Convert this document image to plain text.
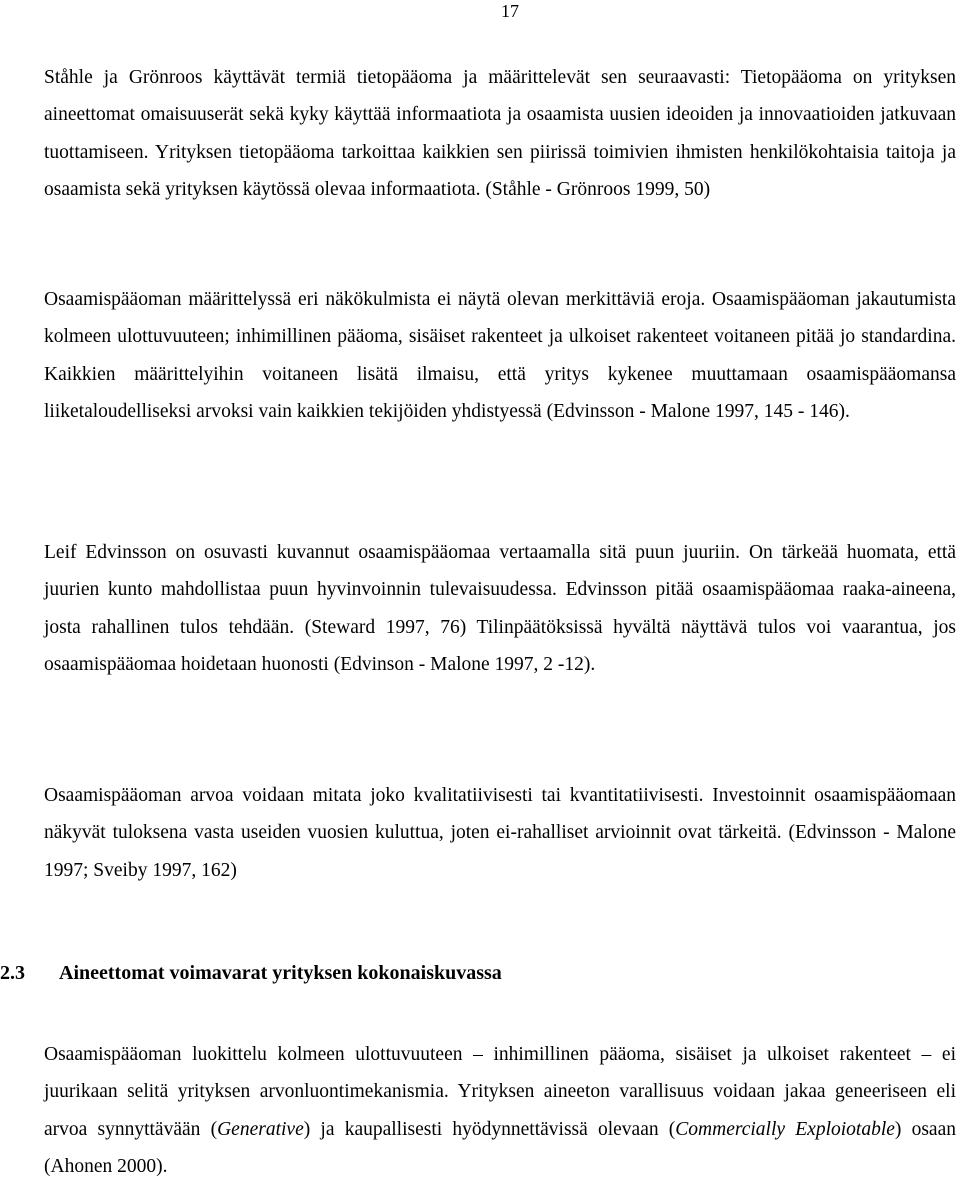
17

Ståhle ja Grönroos käyttävät termiä tietopääoma ja määrittelevät sen seuraavasti: Tietopääoma on yrityksen aineettomat omaisuuserät sekä kyky käyttää informaatiota ja osaamista uusien ideoiden ja innovaatioiden jatkuvaan tuottamiseen. Yrityksen tietopääoma tarkoittaa kaikkien sen piirissä toimivien ihmisten henkilökohtaisia taitoja ja osaamista sekä yrityksen käytössä olevaa informaatiota. (Ståhle - Grönroos 1999, 50)

Osaamispääoman määrittelyssä eri näkökulmista ei näytä olevan merkittäviä eroja. Osaamispääoman jakautumista kolmeen ulottuvuuteen; inhimillinen pääoma, sisäiset rakenteet ja ulkoiset rakenteet voitaneen pitää jo standardina. Kaikkien määrittelyihin voitaneen lisätä ilmaisu, että yritys kykenee muuttamaan osaamispääomansa liiketaloudelliseksi arvoksi vain kaikkien tekijöiden yhdistyessä (Edvinsson - Malone 1997, 145 - 146).

Leif Edvinsson on osuvasti kuvannut osaamispääomaa vertaamalla sitä puun juuriin. On tärkeää huomata, että juurien kunto mahdollistaa puun hyvinvoinnin tulevaisuudessa. Edvinsson pitää osaamispääomaa raaka-aineena, josta rahallinen tulos tehdään. (Steward 1997, 76) Tilinpäätöksissä hyvältä näyttävä tulos voi vaarantua, jos osaamispääomaa hoidetaan huonosti (Edvinson - Malone 1997, 2 -12).

Osaamispääoman arvoa voidaan mitata joko kvalitatiivisesti tai kvantitatiivisesti. Investoinnit osaamispääomaan näkyvät tuloksena vasta useiden vuosien kuluttua, joten ei-rahalliset arvioinnit ovat tärkeitä. (Edvinsson - Malone 1997; Sveiby 1997, 162)

2.3 Aineettomat voimavarat yrityksen kokonaiskuvassa

Osaamispääoman luokittelu kolmeen ulottuvuuteen – inhimillinen pääoma, sisäiset ja ulkoiset rakenteet – ei juurikaan selitä yrityksen arvonluontimekanismia. Yrityksen aineeton varallisuus voidaan jakaa geneeriseen eli arvoa synnyttävään (Generative) ja kaupallisesti hyödynnettävissä olevaan (Commercially Exploiotable) osaan (Ahonen 2000).
